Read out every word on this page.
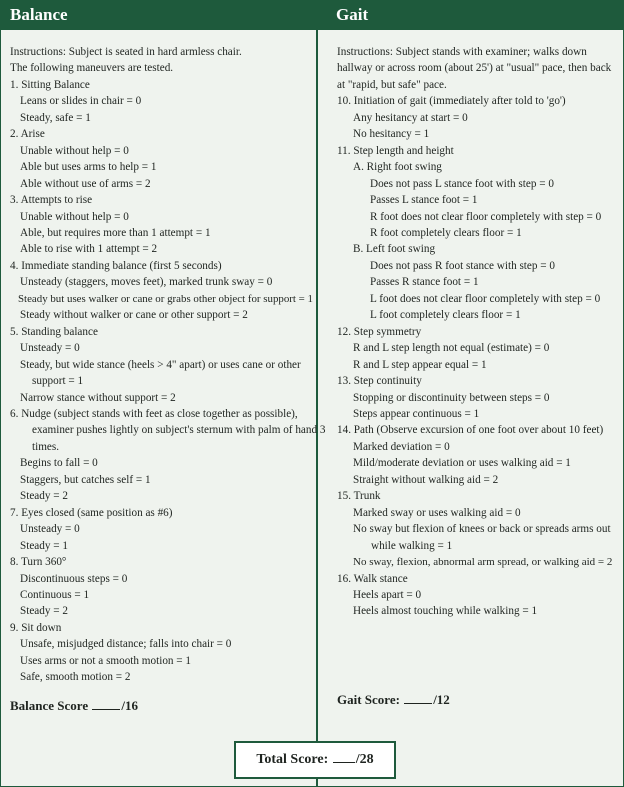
Balance	Gait
Instructions: Subject is seated in hard armless chair.
The following maneuvers are tested.
1. Sitting Balance
Leans or slides in chair = 0
Steady, safe = 1
2. Arise
Unable without help = 0
Able but uses arms to help = 1
Able without use of arms = 2
3. Attempts to rise
Unable without help = 0
Able, but requires more than 1 attempt = 1
Able to rise with 1 attempt = 2
4. Immediate standing balance (first 5 seconds)
Unsteady (staggers, moves feet), marked trunk sway = 0
Steady but uses walker or cane or grabs other object for support = 1
Steady without walker or cane or other support = 2
5. Standing balance
Unsteady = 0
Steady, but wide stance (heels > 4" apart) or uses cane or other support = 1
Narrow stance without support = 2
6. Nudge (subject stands with feet as close together as possible), examiner pushes lightly on subject's sternum with palm of hand 3 times.
Begins to fall = 0
Staggers, but catches self = 1
Steady = 2
7. Eyes closed (same position as #6)
Unsteady = 0
Steady = 1
8. Turn 360°
Discontinuous steps = 0
Continuous = 1
Steady = 2
9. Sit down
Unsafe, misjudged distance; falls into chair = 0
Uses arms or not a smooth motion = 1
Safe, smooth motion = 2
Instructions: Subject stands with examiner; walks down hallway or across room (about 25') at "usual" pace, then back at "rapid, but safe" pace.
10. Initiation of gait (immediately after told to 'go')
Any hesitancy at start = 0
No hesitancy = 1
11. Step length and height
A. Right foot swing
Does not pass L stance foot with step = 0
Passes L stance foot = 1
R foot does not clear floor completely with step = 0
R foot completely clears floor = 1
B. Left foot swing
Does not pass R foot stance with step = 0
Passes R stance foot = 1
L foot does not clear floor completely with step = 0
L foot completely clears floor = 1
12. Step symmetry
R and L step length not equal (estimate) = 0
R and L step appear equal = 1
13. Step continuity
Stopping or discontinuity between steps = 0
Steps appear continuous = 1
14. Path (Observe excursion of one foot over about 10 feet)
Marked deviation = 0
Mild/moderate deviation or uses walking aid = 1
Straight without walking aid = 2
15. Trunk
Marked sway or uses walking aid = 0
No sway but flexion of knees or back or spreads arms out while walking = 1
No sway, flexion, abnormal arm spread, or walking aid = 2
16. Walk stance
Heels apart = 0
Heels almost touching while walking = 1
Balance Score	/16	Gait Score:	/12
Total Score: /28
